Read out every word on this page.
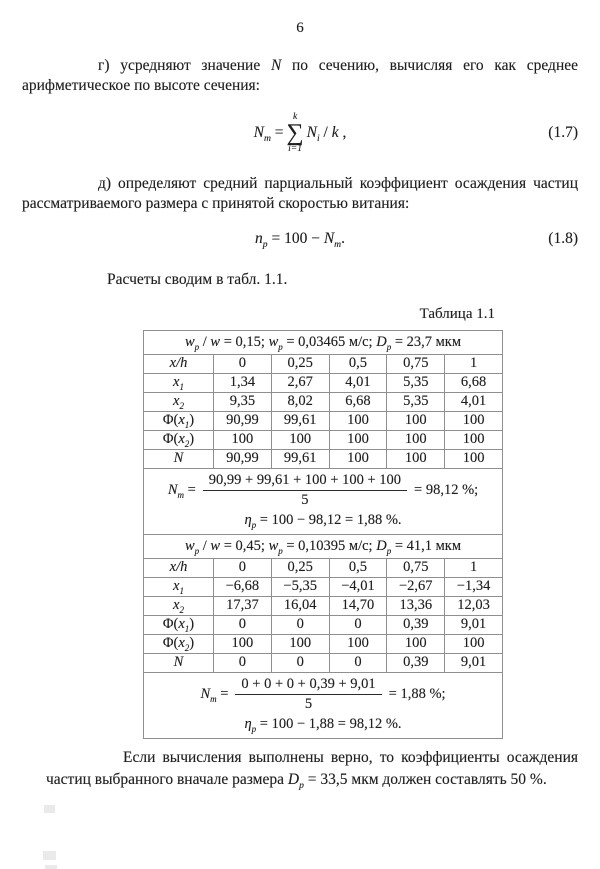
6
г) усредняют значение N по сечению, вычисляя его как среднее арифметическое по высоте сечения:
$N_m$ =
k
∑
i=1
$N_i$ / k ,	(1.7)
д) определяют средний парциальный коэффициент осаждения частиц рассматриваемого размера с принятой скоростью витания:
$n_p = 100 - N_m$.	(1.8)
Расчеты сводим в табл. 1.1.
Таблица 1.1
$w_p / w = 0,15$; $w_p = 0,03465$ м/с; $D_p = 23,7$ мкм
x/h	0	0,25	0,5	0,75	1
$x_1$	1,34	2,67	4,01	5,35	6,68
$x_2$	9,35	8,02	6,68	5,35	4,01
$\Phi(x_1)$	90,99	99,61	100	100	100
$\Phi(x_2)$	100	100	100	100	100
N	90,99	99,61	100	100	100
$N_m = \frac{90,99 + 99,61 + 100 + 100 + 100}{5} = 98,12$ %;
$\eta_p = 100 - 98,12 = 1,88$ %.
$w_p / w = 0,45$; $w_p = 0,10395$ м/с; $D_p = 41,1$ мкм
x/h	0	0,25	0,5	0,75	1
$x_1$	−6,68	−5,35	−4,01	−2,67	−1,34
$x_2$	17,37	16,04	14,70	13,36	12,03
$\Phi(x_1)$	0	0	0	0,39	9,01
$\Phi(x_2)$	100	100	100	100	100
N	0	0	0	0,39	9,01
$N_m = \frac{0 + 0 + 0 + 0,39 + 9,01}{5} = 1,88$ %;
$\eta_p = 100 - 1,88 = 98,12$ %.
Если вычисления выполнены верно, то коэффициенты осаждения частиц выбранного вначале размера $D_p = 33,5$ мкм должен составлять 50 %.
